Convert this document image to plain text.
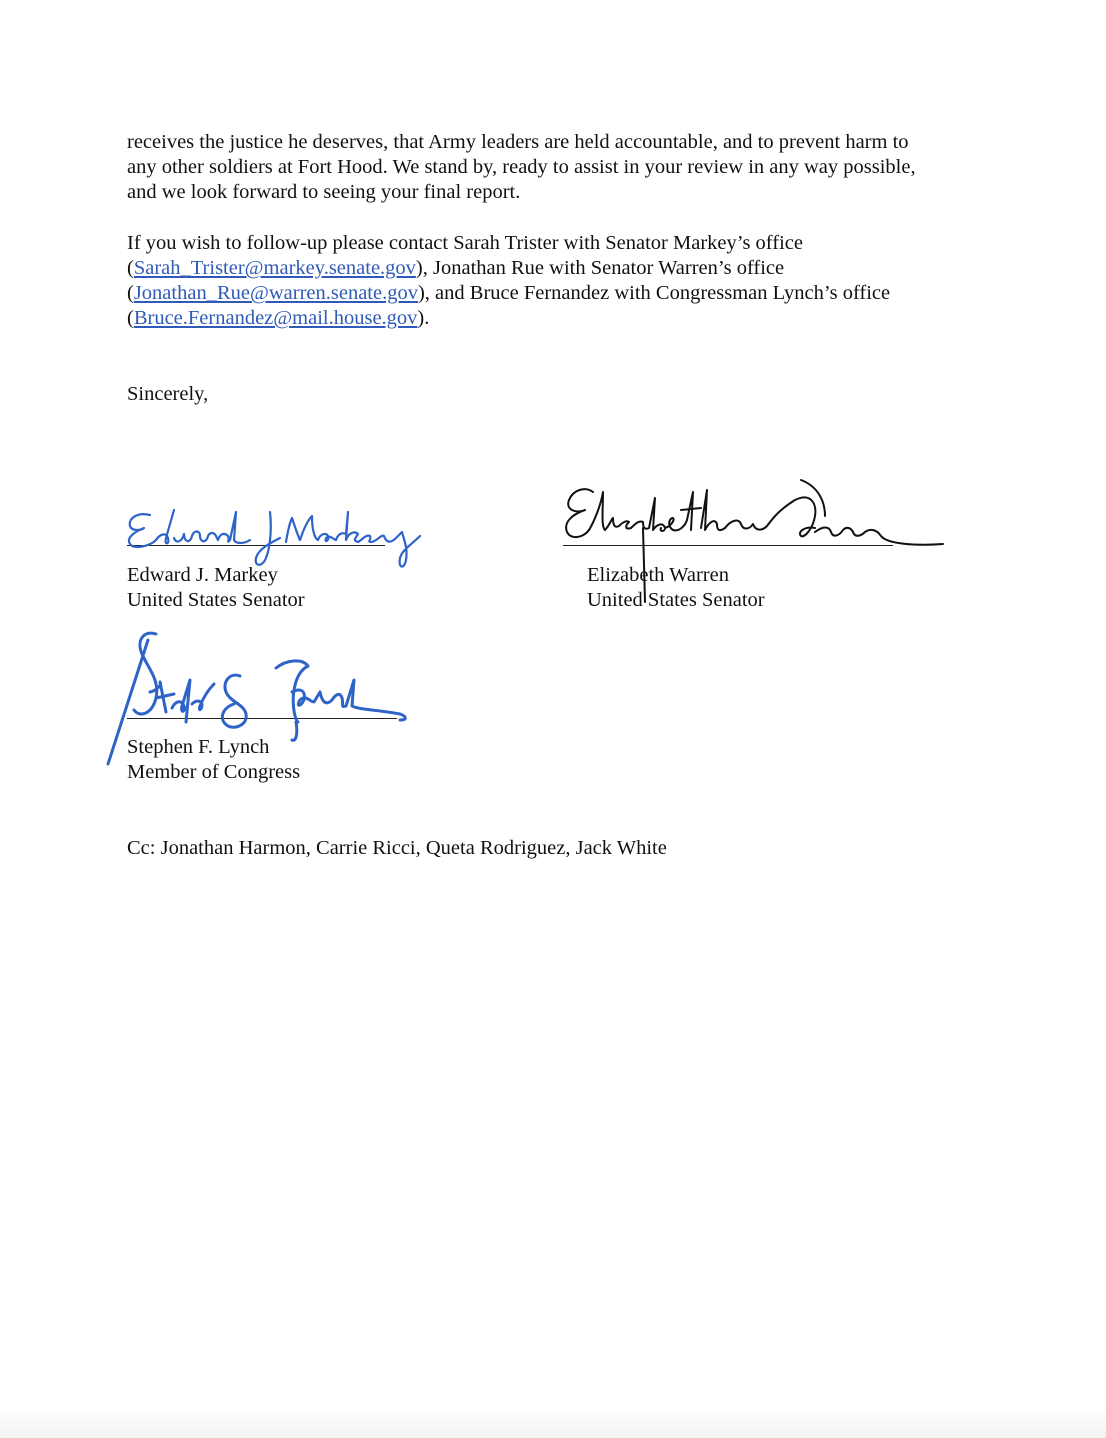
receives the justice he deserves, that Army leaders are held accountable, and to prevent harm to
any other soldiers at Fort Hood. We stand by, ready to assist in your review in any way possible,
and we look forward to seeing your final report.
If you wish to follow-up please contact Sarah Trister with Senator Markey’s office
(Sarah_Trister@markey.senate.gov), Jonathan Rue with Senator Warren’s office
(Jonathan_Rue@warren.senate.gov), and Bruce Fernandez with Congressman Lynch’s office
(Bruce.Fernandez@mail.house.gov).
Sincerely,
Edward J. Markey
United States Senator
Elizabeth Warren
United States Senator
Stephen F. Lynch
Member of Congress
Cc: Jonathan Harmon, Carrie Ricci, Queta Rodriguez, Jack White
